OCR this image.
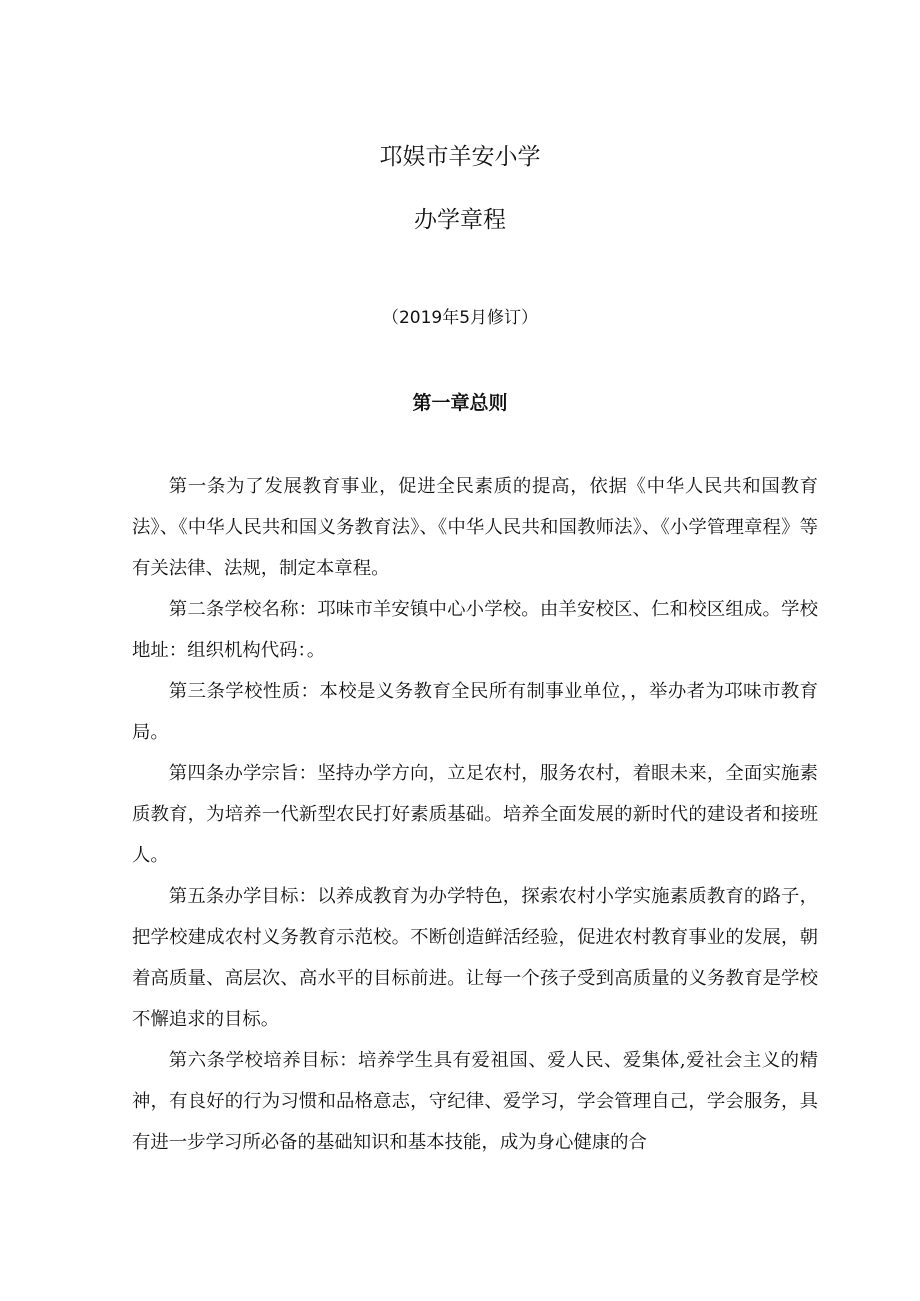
邛娱市羊安小学
办学章程
（2019年5月修订）
第一章总则

第一条为了发展教育事业，促进全民素质的提高，依据《中华人民共和国教育法》、《中华人民共和国义务教育法》、《中华人民共和国教师法》、《小学管理章程》等有关法律、法规，制定本章程。

第二条学校名称：邛味市羊安镇中心小学校。由羊安校区、仁和校区组成。学校地址：组织机构代码：。

第三条学校性质：本校是义务教育全民所有制事业单位，，举办者为邛味市教育局。

第四条办学宗旨：坚持办学方向，立足农村，服务农村，着眼未来，全面实施素质教育，为培养一代新型农民打好素质基础。培养全面发展的新时代的建设者和接班人。

第五条办学目标：以养成教育为办学特色，探索农村小学实施素质教育的路子，把学校建成农村义务教育示范校。不断创造鲜活经验，促进农村教育事业的发展，朝着高质量、高层次、高水平的目标前进。让每一个孩子受到高质量的义务教育是学校不懈追求的目标。

第六条学校培养目标：培养学生具有爱祖国、爱人民、爱集体,爱社会主义的精神，有良好的行为习惯和品格意志，守纪律、爱学习，学会管理自己，学会服务，具有进一步学习所必备的基础知识和基本技能，成为身心健康的合
